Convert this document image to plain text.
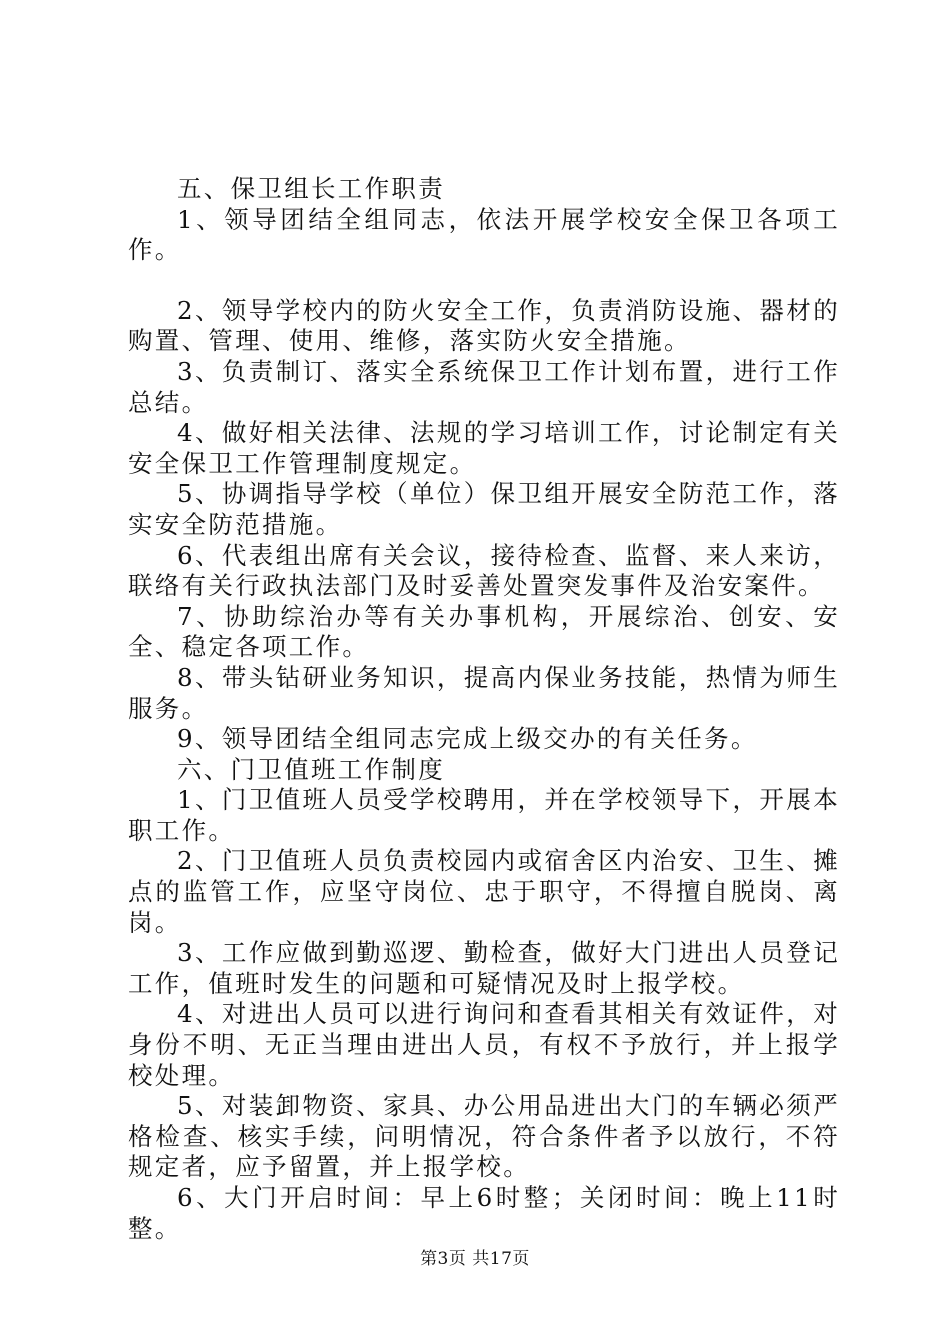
五、保卫组长工作职责

1、领导团结全组同志，依法开展学校安全保卫各项工作。

2、领导学校内的防火安全工作，负责消防设施、器材的购置、管理、使用、维修，落实防火安全措施。

3、负责制订、落实全系统保卫工作计划布置，进行工作总结。

4、做好相关法律、法规的学习培训工作，讨论制定有关安全保卫工作管理制度规定。

5、协调指导学校（单位）保卫组开展安全防范工作，落实安全防范措施。

6、代表组出席有关会议，接待检查、监督、来人来访，联络有关行政执法部门及时妥善处置突发事件及治安案件。

7、协助综治办等有关办事机构，开展综治、创安、安全、稳定各项工作。

8、带头钻研业务知识，提高内保业务技能，热情为师生服务。

9、领导团结全组同志完成上级交办的有关任务。

六、门卫值班工作制度

1、门卫值班人员受学校聘用，并在学校领导下，开展本职工作。

2、门卫值班人员负责校园内或宿舍区内治安、卫生、摊点的监管工作，应坚守岗位、忠于职守，不得擅自脱岗、离岗。

3、工作应做到勤巡逻、勤检查，做好大门进出人员登记工作，值班时发生的问题和可疑情况及时上报学校。

4、对进出人员可以进行询问和查看其相关有效证件，对身份不明、无正当理由进出人员，有权不予放行，并上报学校处理。

5、对装卸物资、家具、办公用品进出大门的车辆必须严格检查、核实手续，问明情况，符合条件者予以放行，不符规定者，应予留置，并上报学校。

6、大门开启时间：早上6时整；关闭时间：晚上11时整。

第3页 共17页
